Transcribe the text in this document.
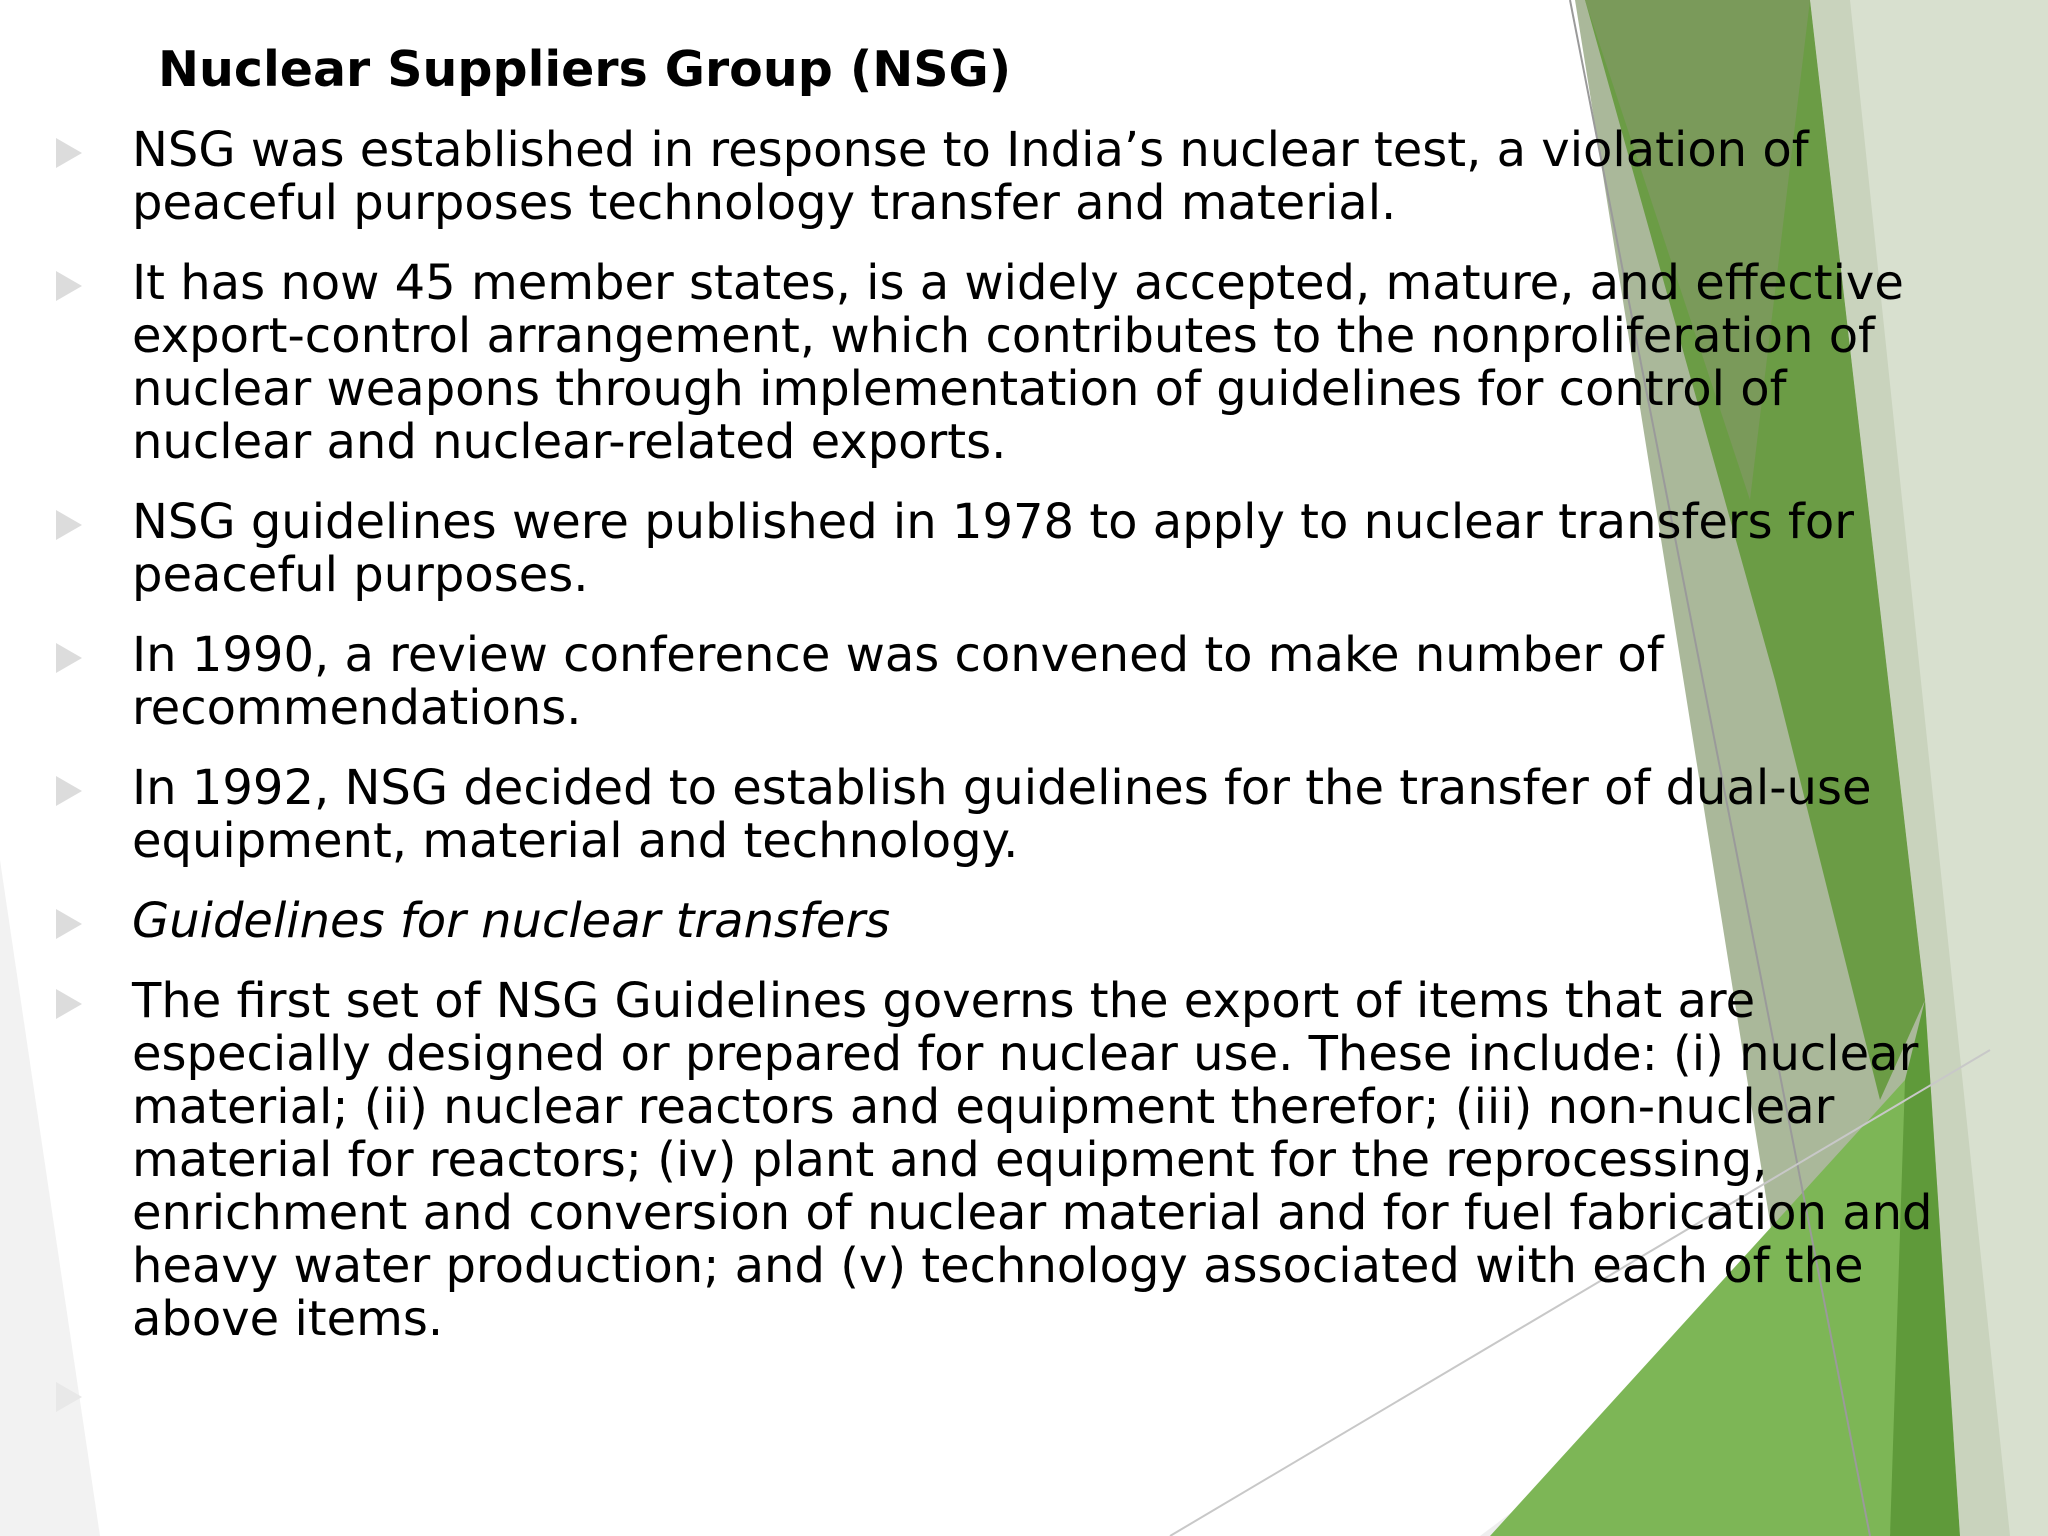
Nuclear Suppliers Group (NSG)
NSG was established in response to India’s nuclear test, a violation of
peaceful purposes technology transfer and material.
It has now 45 member states, is a widely accepted, mature, and effective
export-control arrangement, which contributes to the nonproliferation of
nuclear weapons through implementation of guidelines for control of
nuclear and nuclear-related exports.
NSG guidelines were published in 1978 to apply to nuclear transfers for
peaceful purposes.
In 1990, a review conference was convened to make number of
recommendations.
In 1992, NSG decided to establish guidelines for the transfer of dual-use
equipment, material and technology.
Guidelines for nuclear transfers
The first set of NSG Guidelines governs the export of items that are
especially designed or prepared for nuclear use. These include: (i) nuclear
material; (ii) nuclear reactors and equipment therefor; (iii) non-nuclear
material for reactors; (iv) plant and equipment for the reprocessing,
enrichment and conversion of nuclear material and for fuel fabrication and
heavy water production; and (v) technology associated with each of the
above items.
